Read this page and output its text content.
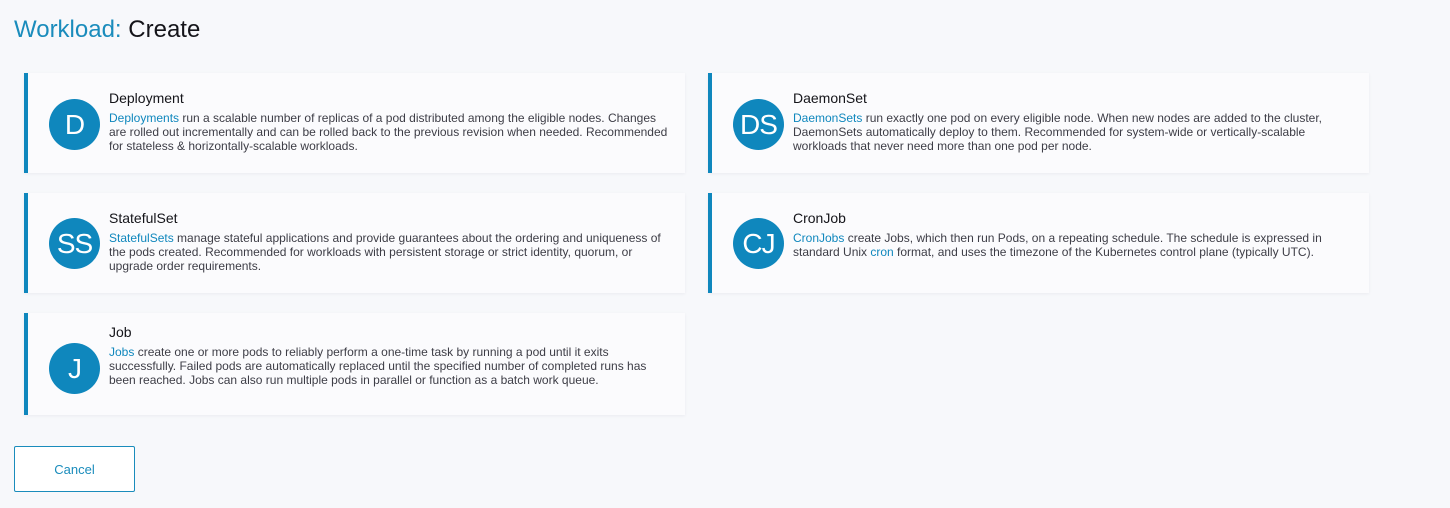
Workload: Create
D
Deployment

Deployments run a scalable number of replicas of a pod distributed among the eligible nodes. Changes are rolled out incrementally and can be rolled back to the previous revision when needed. Recommended for stateless & horizontally-scalable workloads.

DS
DaemonSet

DaemonSets run exactly one pod on every eligible node. When new nodes are added to the cluster, DaemonSets automatically deploy to them. Recommended for system-wide or vertically-scalable workloads that never need more than one pod per node.

SS
StatefulSet

StatefulSets manage stateful applications and provide guarantees about the ordering and uniqueness of the pods created. Recommended for workloads with persistent storage or strict identity, quorum, or upgrade order requirements.

CJ
CronJob

CronJobs create Jobs, which then run Pods, on a repeating schedule. The schedule is expressed in standard Unix cron format, and uses the timezone of the Kubernetes control plane (typically UTC).

J
Job

Jobs create one or more pods to reliably perform a one-time task by running a pod until it exits successfully. Failed pods are automatically replaced until the specified number of completed runs has been reached. Jobs can also run multiple pods in parallel or function as a batch work queue.

Cancel
